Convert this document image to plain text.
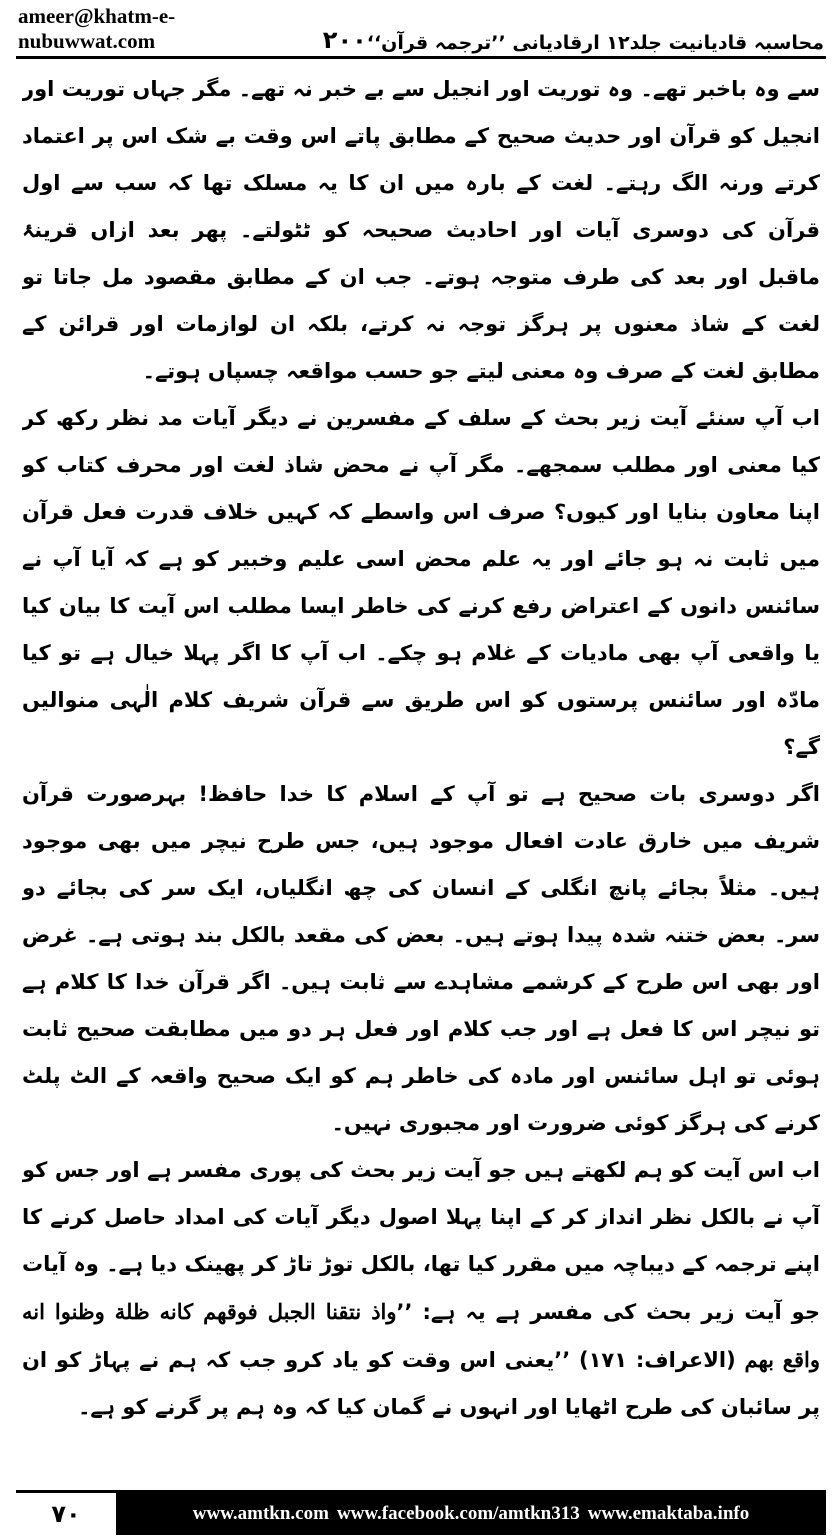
ameer@khatm-e-nubuwwat.com	۲۰۰ محاسبہ قادیانیت جلد۱۲ ارقادیانی ’’ترجمہ قرآن‘‘

سے وہ باخبر تھے۔ وہ توریت اور انجیل سے بے خبر نہ تھے۔ مگر جہاں توریت اور انجیل کو قرآن اور حدیث صحیح کے مطابق پاتے اس وقت بے شک اس پر اعتماد کرتے ورنہ الگ رہتے۔ لغت کے بارہ میں ان کا یہ مسلک تھا کہ سب سے اول قرآن کی دوسری آیات اور احادیث صحیحہ کو ٹٹولتے۔ پھر بعد ازاں قرینۂ ماقبل اور بعد کی طرف متوجہ ہوتے۔ جب ان کے مطابق مقصود مل جاتا تو لغت کے شاذ معنوں پر ہرگز توجہ نہ کرتے، بلکہ ان لوازمات اور قرائن کے مطابق لغت کے صرف وہ معنی لیتے جو حسب مواقعہ چسپاں ہوتے۔

اب آپ سنئے آیت زیر بحث کے سلف کے مفسرین نے دیگر آیات مد نظر رکھ کر کیا معنی اور مطلب سمجھے۔ مگر آپ نے محض شاذ لغت اور محرف کتاب کو اپنا معاون بنایا اور کیوں؟ صرف اس واسطے کہ کہیں خلاف قدرت فعل قرآن میں ثابت نہ ہو جائے اور یہ علم محض اسی علیم وخبیر کو ہے کہ آیا آپ نے سائنس دانوں کے اعتراض رفع کرنے کی خاطر ایسا مطلب اس آیت کا بیان کیا یا واقعی آپ بھی مادیات کے غلام ہو چکے۔ اب آپ کا اگر پہلا خیال ہے تو کیا مادّہ اور سائنس پرستوں کو اس طریق سے قرآن شریف کلام الٰہی منوالیں گے؟

اگر دوسری بات صحیح ہے تو آپ کے اسلام کا خدا حافظ! بہرصورت قرآن شریف میں خارق عادت افعال موجود ہیں، جس طرح نیچر میں بھی موجود ہیں۔ مثلاً بجائے پانچ انگلی کے انسان کی چھ انگلیاں، ایک سر کی بجائے دو سر۔ بعض ختنہ شدہ پیدا ہوتے ہیں۔ بعض کی مقعد بالکل بند ہوتی ہے۔ غرض اور بھی اس طرح کے کرشمے مشاہدے سے ثابت ہیں۔ اگر قرآن خدا کا کلام ہے تو نیچر اس کا فعل ہے اور جب کلام اور فعل ہر دو میں مطابقت صحیح ثابت ہوئی تو اہل سائنس اور مادہ کی خاطر ہم کو ایک صحیح واقعہ کے الٹ پلٹ کرنے کی ہرگز کوئی ضرورت اور مجبوری نہیں۔

اب اس آیت کو ہم لکھتے ہیں جو آیت زیر بحث کی پوری مفسر ہے اور جس کو آپ نے بالکل نظر انداز کر کے اپنا پہلا اصول دیگر آیات کی امداد حاصل کرنے کا اپنے ترجمہ کے دیباچہ میں مقرر کیا تھا، بالکل توڑ تاڑ کر پھینک دیا ہے۔ وہ آیات جو آیت زیر بحث کی مفسر ہے یہ ہے: ’’واذ نتقنا الجبل فوقهم كانه ظلة وظنوا انه واقع بهم (الاعراف: ۱۷۱) ’’یعنی اس وقت کو یاد کرو جب کہ ہم نے پہاڑ کو ان پر سائبان کی طرح اٹھایا اور انہوں نے گمان کیا کہ وہ ہم پر گرنے کو ہے۔

۷۰	www.amtkn.com www.facebook.com/amtkn313 www.emaktaba.info
